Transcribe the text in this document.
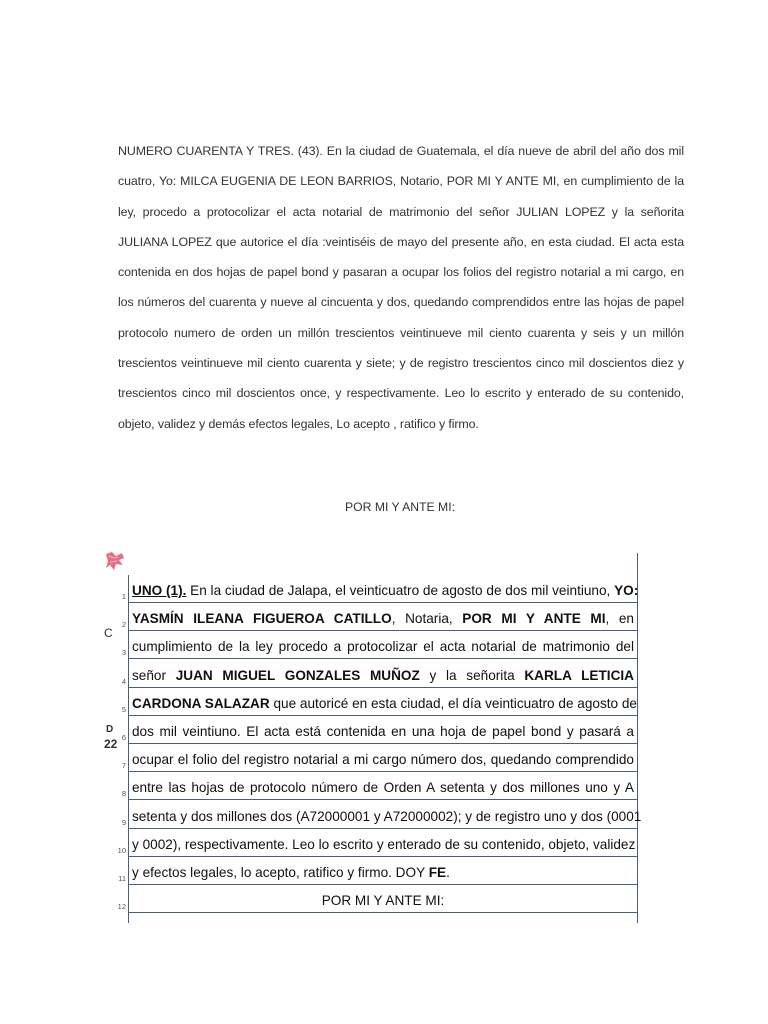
NUMERO CUARENTA Y TRES. (43). En la ciudad de Guatemala, el día nueve de abril del año dos mil cuatro, Yo: MILCA EUGENIA DE LEON BARRIOS, Notario, POR MI Y ANTE MI, en cumplimiento de la ley, procedo a protocolizar el acta notarial de matrimonio del señor JULIAN LOPEZ y la señorita JULIANA LOPEZ que autorice el día :veintiséis de mayo del presente año, en esta ciudad. El acta esta contenida en dos hojas de papel bond y pasaran a ocupar los folios del registro notarial a mi cargo, en los números del cuarenta y nueve al cincuenta y dos, quedando comprendidos entre las hojas de papel protocolo numero de orden un millón trescientos veintinueve mil ciento cuarenta y seis y un millón trescientos veintinueve mil ciento cuarenta y siete; y de registro trescientos cinco mil doscientos diez y trescientos cinco mil doscientos once, y respectivamente. Leo lo escrito y enterado de su contenido, objeto, validez y demás efectos legales, Lo acepto , ratifico y firmo.
POR MI Y ANTE MI:
C
D
22
1 UNO (1). En la ciudad de Jalapa, el veinticuatro de agosto de dos mil veintiuno, YO:
2 YASMÍN ILEANA FIGUEROA CATILLO, Notaria, POR MI Y ANTE MI, en
3 cumplimiento de la ley procedo a protocolizar el acta notarial de matrimonio del
4 señor JUAN MIGUEL GONZALES MUÑOZ y la señorita KARLA LETICIA
5 CARDONA SALAZAR que autoricé en esta ciudad, el día veinticuatro de agosto de
6 dos mil veintiuno. El acta está contenida en una hoja de papel bond y pasará a
7 ocupar el folio del registro notarial a mi cargo número dos, quedando comprendido
8 entre las hojas de protocolo número de Orden A setenta y dos millones uno y A
9 setenta y dos millones dos (A72000001 y A72000002); y de registro uno y dos (0001
10 y 0002), respectivamente. Leo lo escrito y enterado de su contenido, objeto, validez
11 y efectos legales, lo acepto, ratifico y firmo. DOY FE.
12	POR MI Y ANTE MI:
